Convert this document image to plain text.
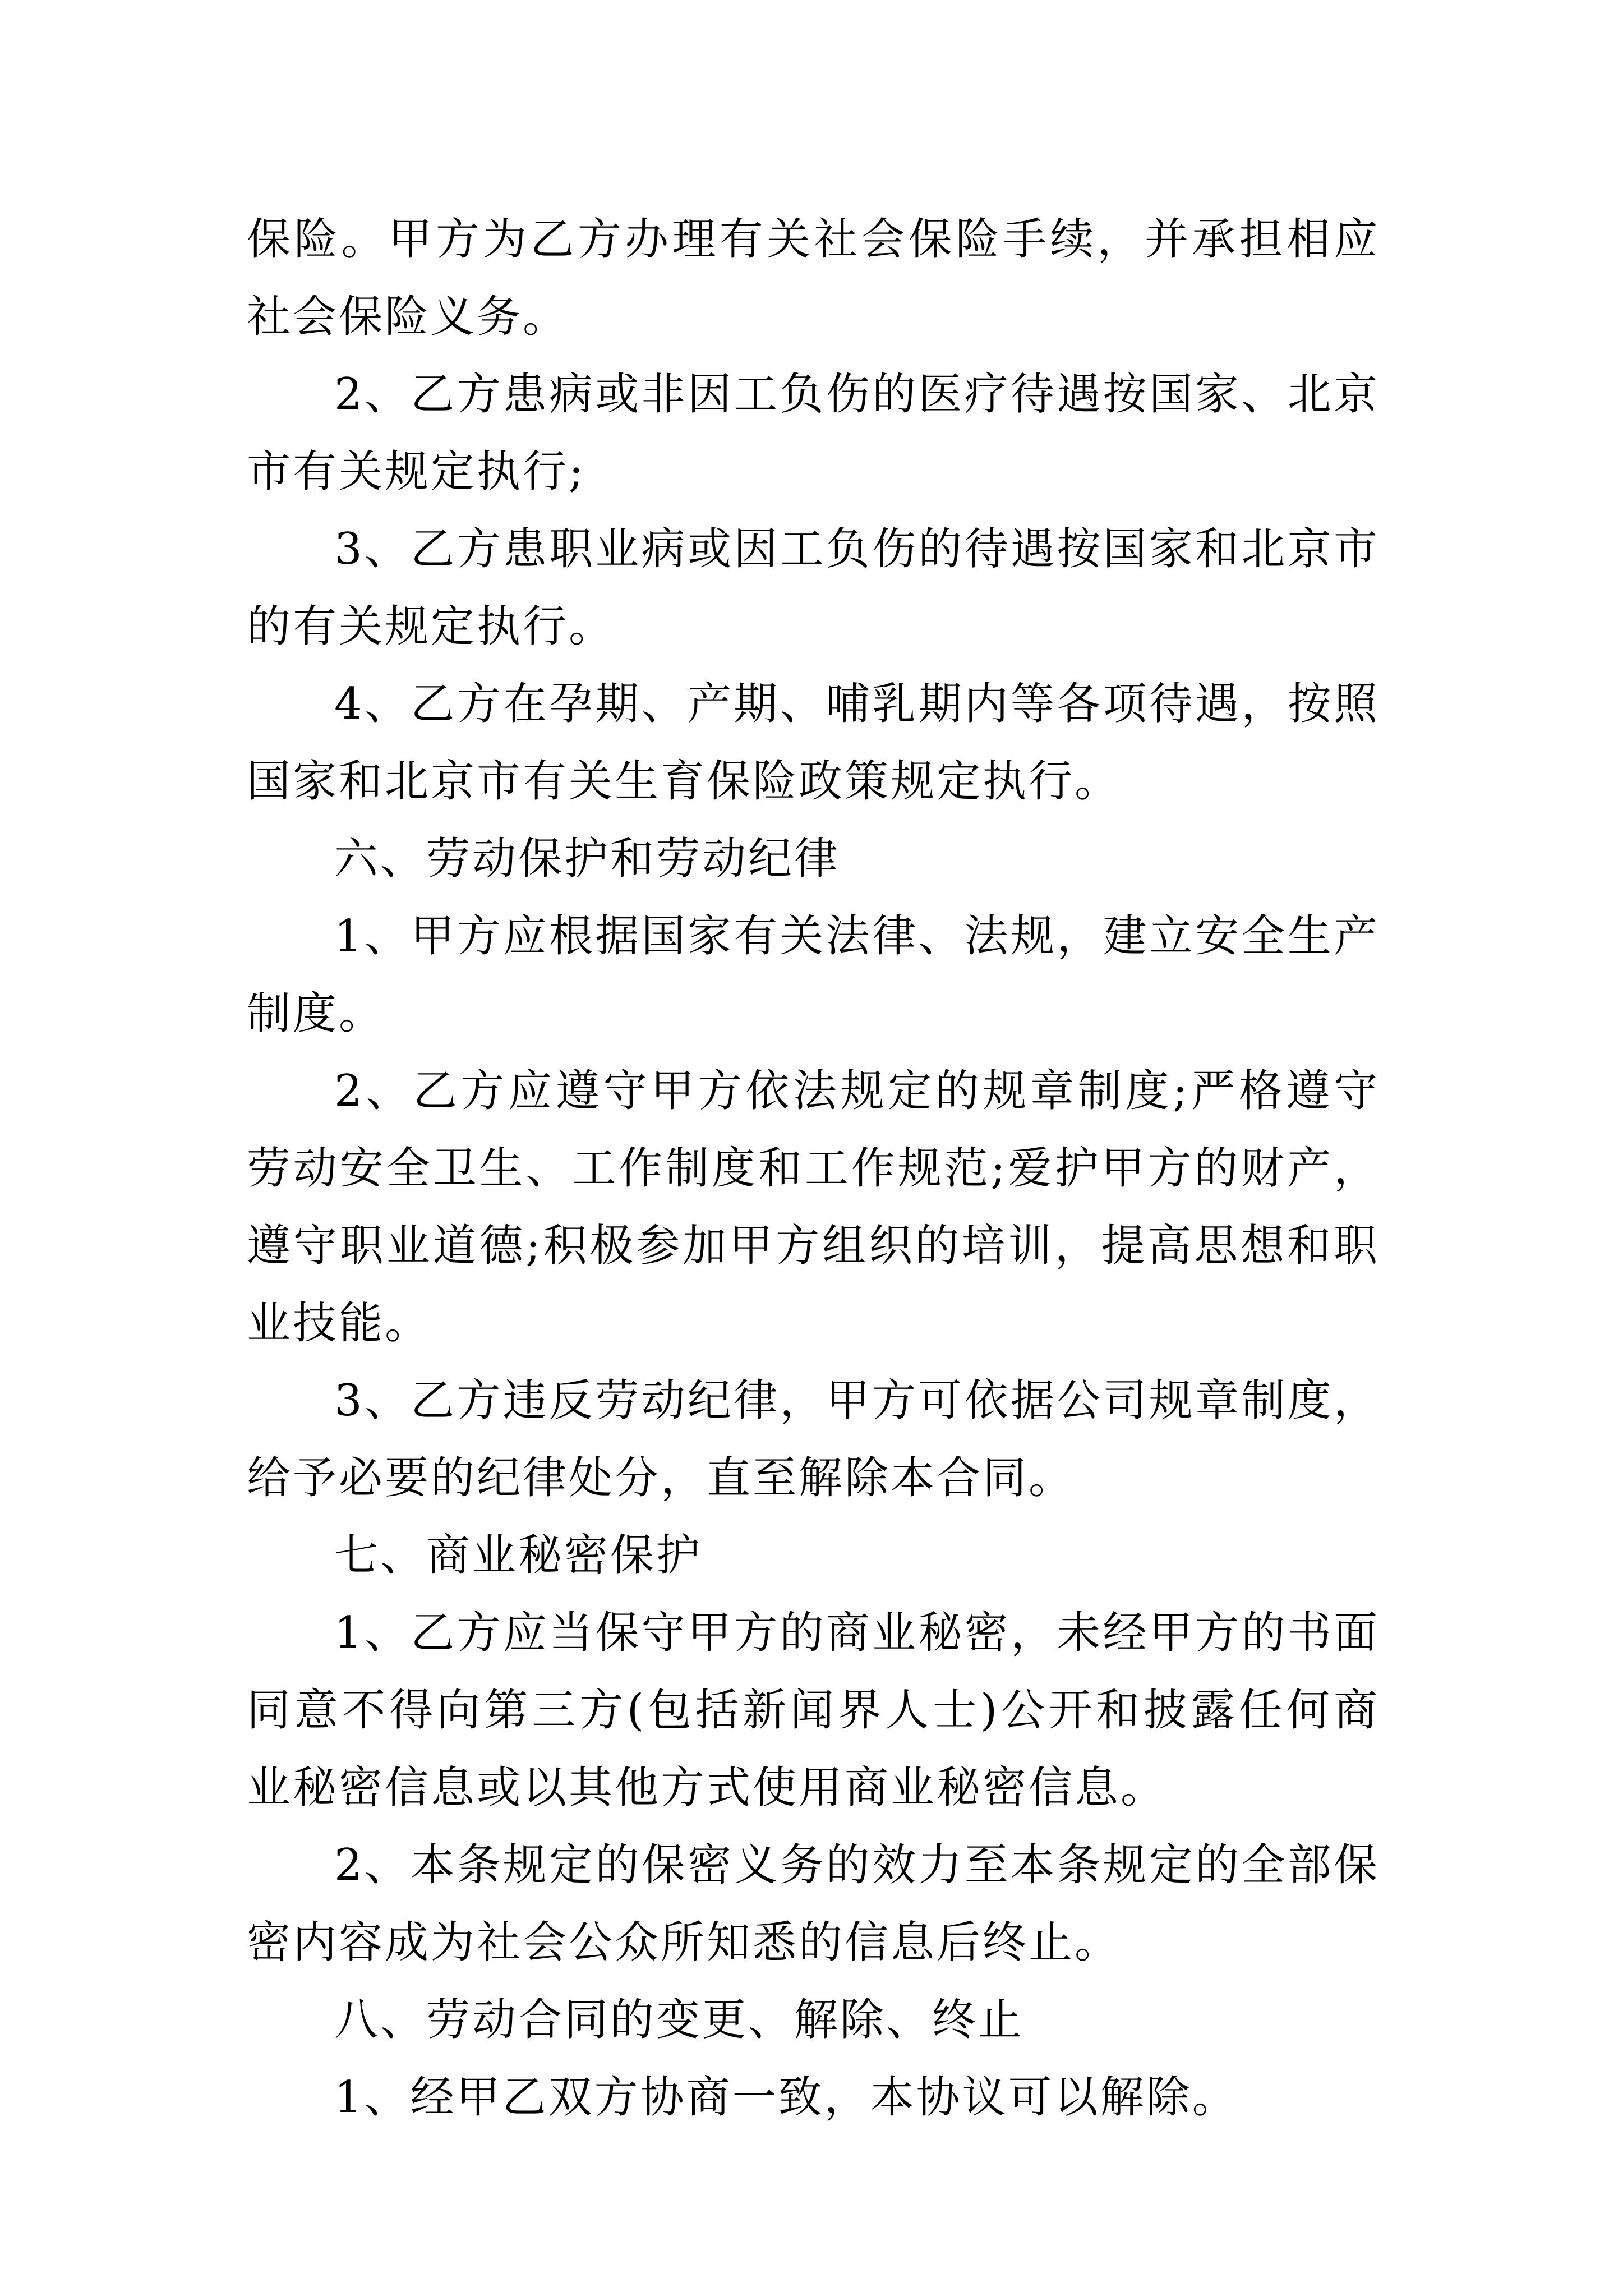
保险。甲方为乙方办理有关社会保险手续，并承担相应社会保险义务。

2、乙方患病或非因工负伤的医疗待遇按国家、北京市有关规定执行;

3、乙方患职业病或因工负伤的待遇按国家和北京市的有关规定执行。

4、乙方在孕期、产期、哺乳期内等各项待遇，按照国家和北京市有关生育保险政策规定执行。

六、劳动保护和劳动纪律

1、甲方应根据国家有关法律、法规，建立安全生产制度。

2、乙方应遵守甲方依法规定的规章制度;严格遵守劳动安全卫生、工作制度和工作规范;爱护甲方的财产，遵守职业道德;积极参加甲方组织的培训，提高思想和职业技能。

3、乙方违反劳动纪律，甲方可依据公司规章制度，给予必要的纪律处分，直至解除本合同。

七、商业秘密保护

1、乙方应当保守甲方的商业秘密，未经甲方的书面同意不得向第三方(包括新闻界人士)公开和披露任何商业秘密信息或以其他方式使用商业秘密信息。

2、本条规定的保密义务的效力至本条规定的全部保密内容成为社会公众所知悉的信息后终止。

八、劳动合同的变更、解除、终止

1、经甲乙双方协商一致，本协议可以解除。
